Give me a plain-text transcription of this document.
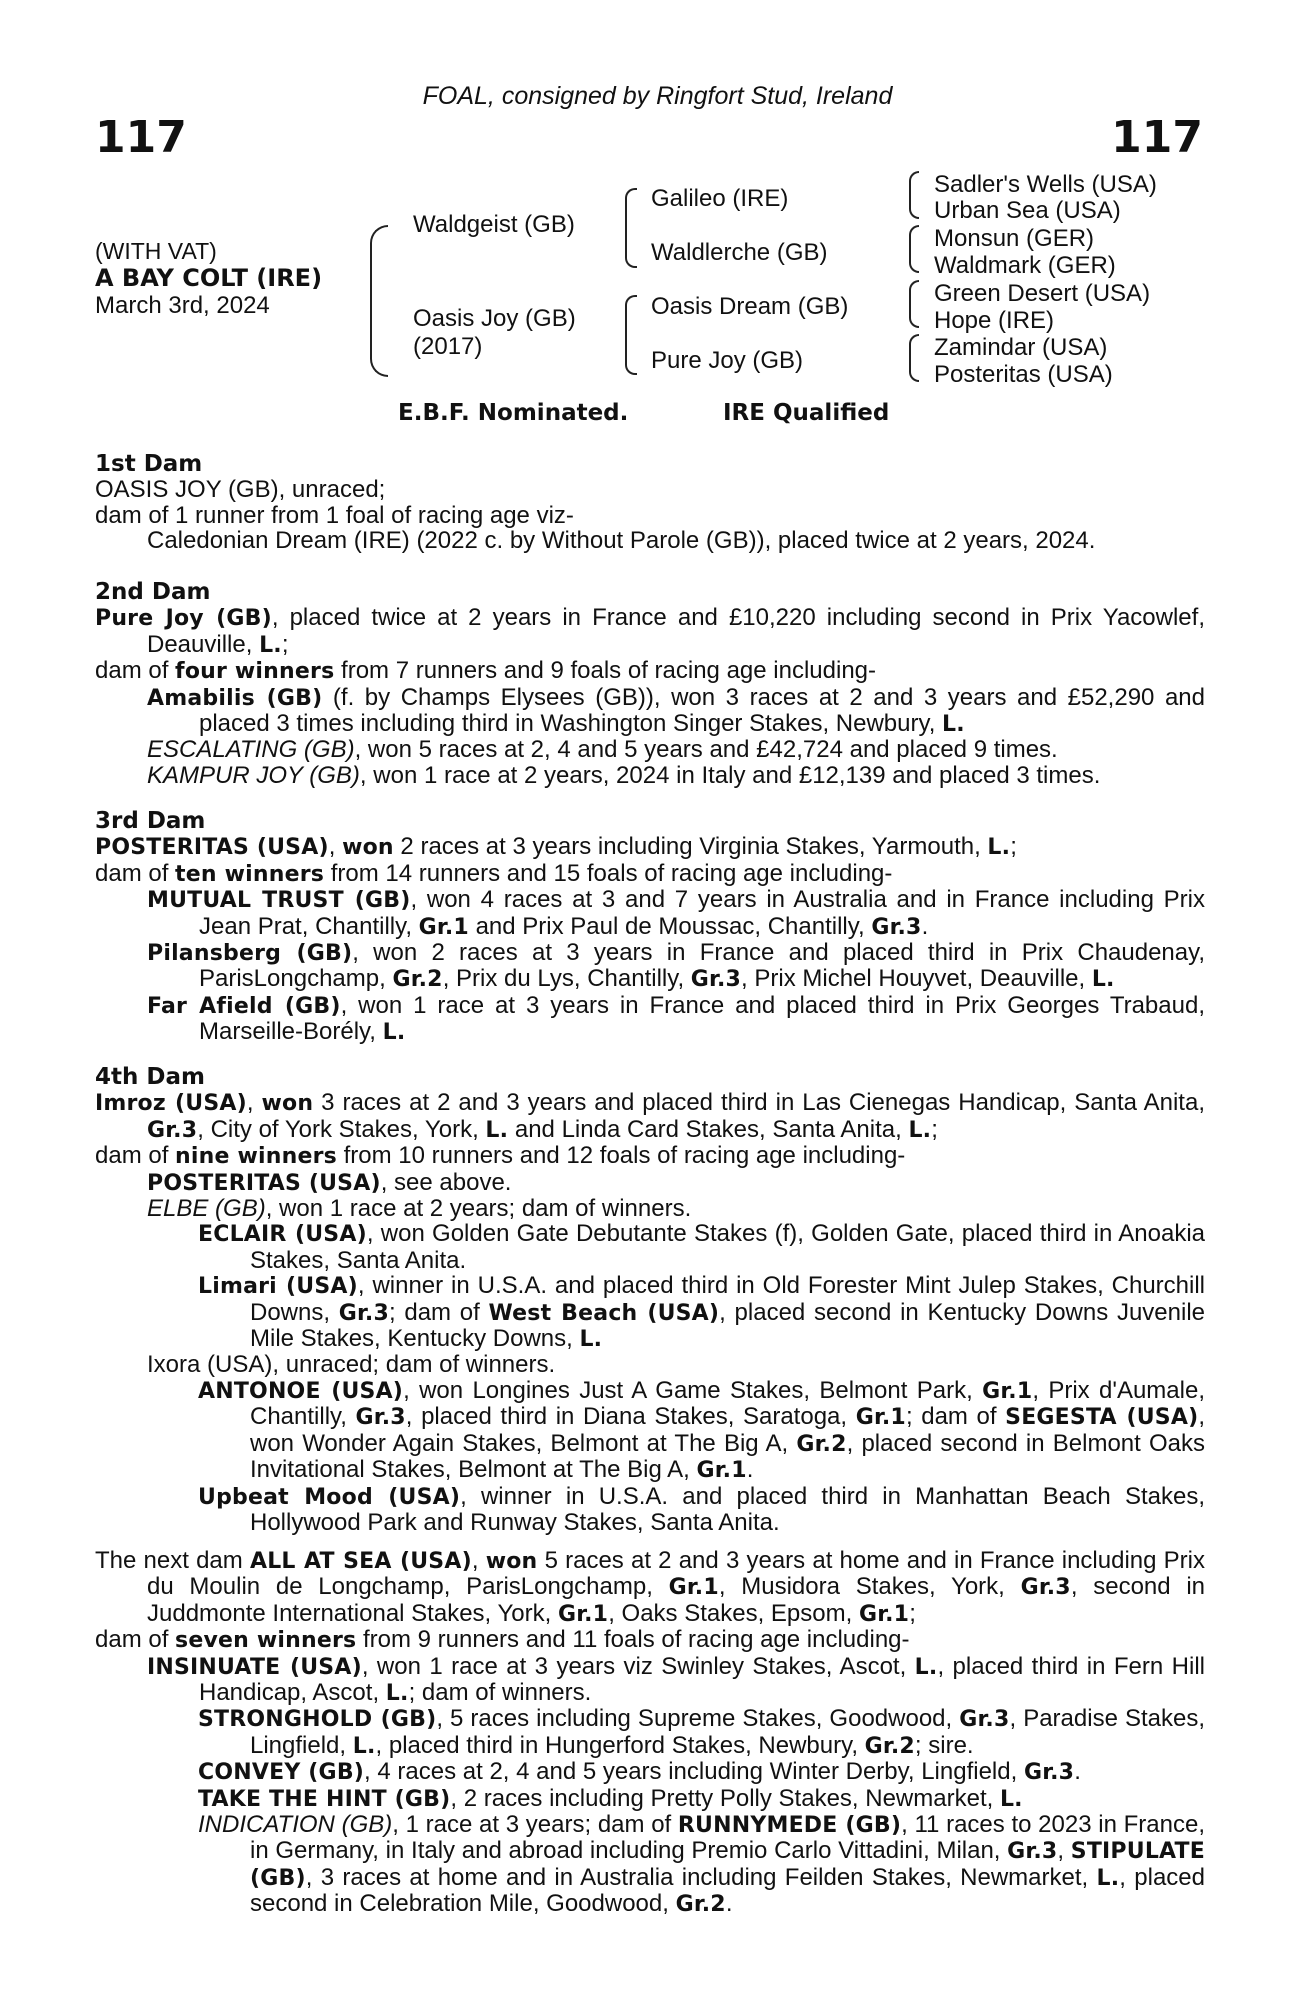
FOAL, consigned by Ringfort Stud, Ireland
117	117
(WITH VAT)
A BAY COLT (IRE)
March 3rd, 2024
Waldgeist (GB)
Oasis Joy (GB)
(2017)
Galileo (IRE)
Waldlerche (GB)
Oasis Dream (GB)
Pure Joy (GB)
Sadler's Wells (USA)
Urban Sea (USA)
Monsun (GER)
Waldmark (GER)
Green Desert (USA)
Hope (IRE)
Zamindar (USA)
Posteritas (USA)
E.B.F. Nominated.	IRE Qualified
1st Dam

OASIS JOY (GB), unraced;

dam of 1 runner from 1 foal of racing age viz-

Caledonian Dream (IRE) (2022 c. by Without Parole (GB)), placed twice at 2 years, 2024.

2nd Dam

Pure Joy (GB), placed twice at 2 years in France and £10,220 including second in Prix Yacowlef, Deauville, L.;

dam of four winners from 7 runners and 9 foals of racing age including-

Amabilis (GB) (f. by Champs Elysees (GB)), won 3 races at 2 and 3 years and £52,290 and placed 3 times including third in Washington Singer Stakes, Newbury, L.

ESCALATING (GB), won 5 races at 2, 4 and 5 years and £42,724 and placed 9 times.

KAMPUR JOY (GB), won 1 race at 2 years, 2024 in Italy and £12,139 and placed 3 times.

3rd Dam

POSTERITAS (USA), won 2 races at 3 years including Virginia Stakes, Yarmouth, L.;

dam of ten winners from 14 runners and 15 foals of racing age including-

MUTUAL TRUST (GB), won 4 races at 3 and 7 years in Australia and in France including Prix Jean Prat, Chantilly, Gr.1 and Prix Paul de Moussac, Chantilly, Gr.3.

Pilansberg (GB), won 2 races at 3 years in France and placed third in Prix Chaudenay, ParisLongchamp, Gr.2, Prix du Lys, Chantilly, Gr.3, Prix Michel Houyvet, Deauville, L.

Far Afield (GB), won 1 race at 3 years in France and placed third in Prix Georges Trabaud, Marseille-Borély, L.

4th Dam

Imroz (USA), won 3 races at 2 and 3 years and placed third in Las Cienegas Handicap, Santa Anita, Gr.3, City of York Stakes, York, L. and Linda Card Stakes, Santa Anita, L.;

dam of nine winners from 10 runners and 12 foals of racing age including-

POSTERITAS (USA), see above.

ELBE (GB), won 1 race at 2 years; dam of winners.

ECLAIR (USA), won Golden Gate Debutante Stakes (f), Golden Gate, placed third in Anoakia Stakes, Santa Anita.

Limari (USA), winner in U.S.A. and placed third in Old Forester Mint Julep Stakes, Churchill Downs, Gr.3; dam of West Beach (USA), placed second in Kentucky Downs Juvenile Mile Stakes, Kentucky Downs, L.

Ixora (USA), unraced; dam of winners.

ANTONOE (USA), won Longines Just A Game Stakes, Belmont Park, Gr.1, Prix d'Aumale, Chantilly, Gr.3, placed third in Diana Stakes, Saratoga, Gr.1; dam of SEGESTA (USA), won Wonder Again Stakes, Belmont at The Big A, Gr.2, placed second in Belmont Oaks Invitational Stakes, Belmont at The Big A, Gr.1.

Upbeat Mood (USA), winner in U.S.A. and placed third in Manhattan Beach Stakes, Hollywood Park and Runway Stakes, Santa Anita.

The next dam ALL AT SEA (USA), won 5 races at 2 and 3 years at home and in France including Prix du Moulin de Longchamp, ParisLongchamp, Gr.1, Musidora Stakes, York, Gr.3, second in Juddmonte International Stakes, York, Gr.1, Oaks Stakes, Epsom, Gr.1;

dam of seven winners from 9 runners and 11 foals of racing age including-

INSINUATE (USA), won 1 race at 3 years viz Swinley Stakes, Ascot, L., placed third in Fern Hill Handicap, Ascot, L.; dam of winners.

STRONGHOLD (GB), 5 races including Supreme Stakes, Goodwood, Gr.3, Paradise Stakes, Lingfield, L., placed third in Hungerford Stakes, Newbury, Gr.2; sire.

CONVEY (GB), 4 races at 2, 4 and 5 years including Winter Derby, Lingfield, Gr.3.

TAKE THE HINT (GB), 2 races including Pretty Polly Stakes, Newmarket, L.

INDICATION (GB), 1 race at 3 years; dam of RUNNYMEDE (GB), 11 races to 2023 in France, in Germany, in Italy and abroad including Premio Carlo Vittadini, Milan, Gr.3, STIPULATE (GB), 3 races at home and in Australia including Feilden Stakes, Newmarket, L., placed second in Celebration Mile, Goodwood, Gr.2.
